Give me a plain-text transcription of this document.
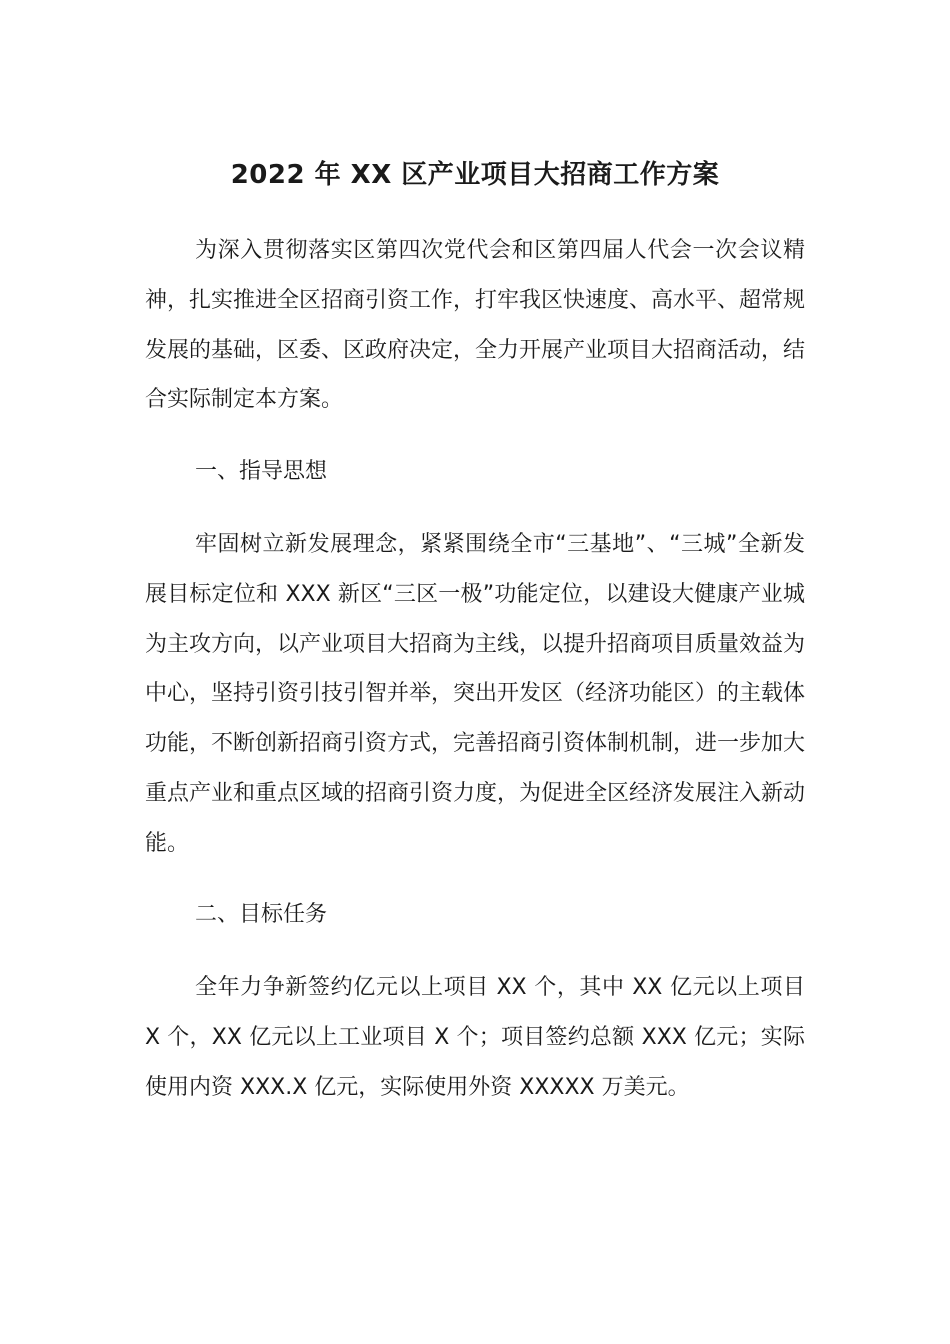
2022 年 XX 区产业项目大招商工作方案

为深入贯彻落实区第四次党代会和区第四届人代会一次会议精神，扎实推进全区招商引资工作，打牢我区快速度、高水平、超常规发展的基础，区委、区政府决定，全力开展产业项目大招商活动，结合实际制定本方案。

一、指导思想

牢固树立新发展理念，紧紧围绕全市“三基地”、“三城”全新发展目标定位和 XXX 新区“三区一极”功能定位，以建设大健康产业城为主攻方向，以产业项目大招商为主线，以提升招商项目质量效益为中心，坚持引资引技引智并举，突出开发区（经济功能区）的主载体功能，不断创新招商引资方式，完善招商引资体制机制，进一步加大重点产业和重点区域的招商引资力度，为促进全区经济发展注入新动能。

二、目标任务

全年力争新签约亿元以上项目 XX 个，其中 XX 亿元以上项目 X 个，XX 亿元以上工业项目 X 个；项目签约总额 XXX 亿元；实际使用内资 XXX.X 亿元，实际使用外资 XXXXX 万美元。
